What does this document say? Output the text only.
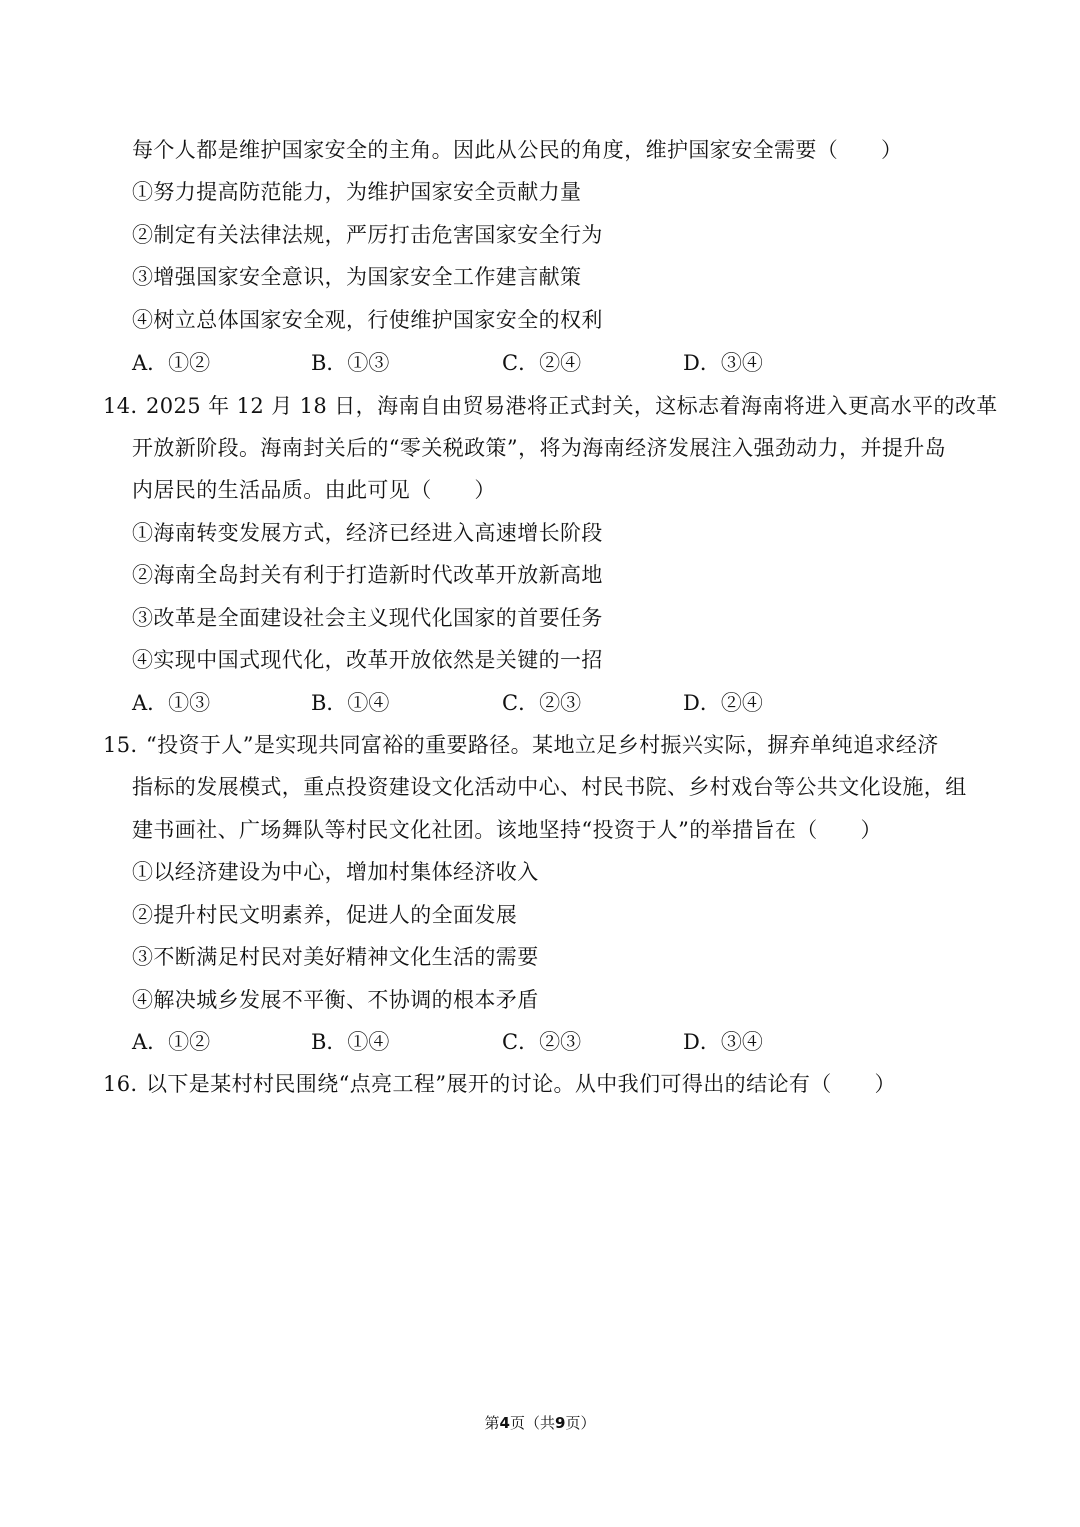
每个人都是维护国家安全的主角。因此从公民的角度，维护国家安全需要（　　）
①努力提高防范能力，为维护国家安全贡献力量
②制定有关法律法规，严厉打击危害国家安全行为
③增强国家安全意识，为国家安全工作建言献策
④树立总体国家安全观，行使维护国家安全的权利
A．①②	B．①③	C．②④	D．③④
14．
2025 年 12 月 18 日，海南自由贸易港将正式封关，这标志着海南将进入更高水平的改革
开放新阶段。海南封关后的“零关税政策”，将为海南经济发展注入强劲动力，并提升岛
内居民的生活品质。由此可见（　　）
①海南转变发展方式，经济已经进入高速增长阶段
②海南全岛封关有利于打造新时代改革开放新高地
③改革是全面建设社会主义现代化国家的首要任务
④实现中国式现代化，改革开放依然是关键的一招
A．①③	B．①④	C．②③	D．②④
15．
“投资于人”是实现共同富裕的重要路径。某地立足乡村振兴实际，摒弃单纯追求经济
指标的发展模式，重点投资建设文化活动中心、村民书院、乡村戏台等公共文化设施，组
建书画社、广场舞队等村民文化社团。该地坚持“投资于人”的举措旨在（　　）
①以经济建设为中心，增加村集体经济收入
②提升村民文明素养，促进人的全面发展
③不断满足村民对美好精神文化生活的需要
④解决城乡发展不平衡、不协调的根本矛盾
A．①②	B．①④	C．②③	D．③④
16．
以下是某村村民围绕“点亮工程”展开的讨论。从中我们可得出的结论有（　　）
第4页（共9页）
